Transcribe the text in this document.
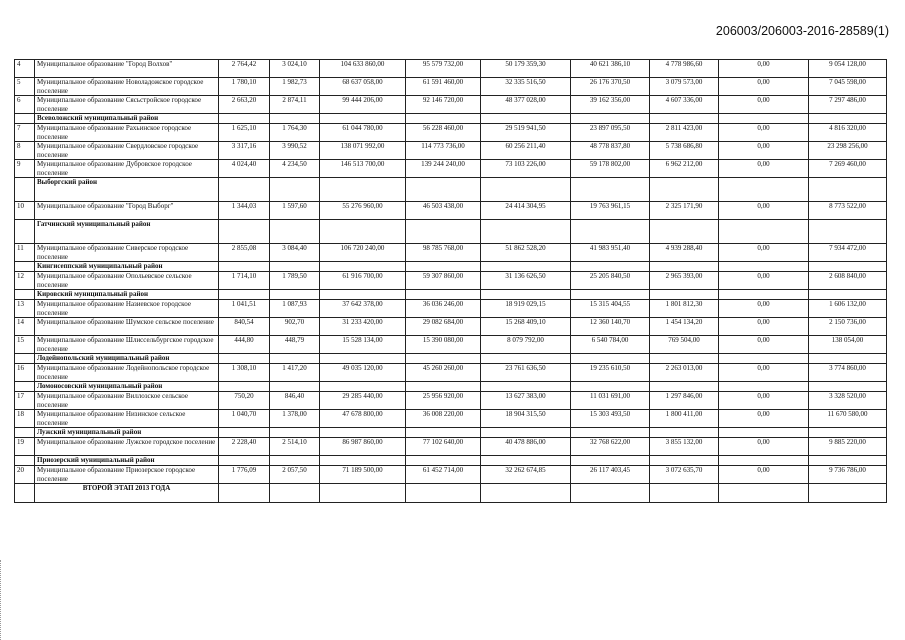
206003/206003-2016-28589(1)
4	Муниципальное образование "Город Волхов"	2 764,42	3 024,10	104 633 860,00	95 579 732,00	50 179 359,30	40 621 386,10	4 778 986,60	0,00	9 054 128,00
5	Муниципальное образование Новоладожское городское поселение	1 780,10	1 982,73	68 637 058,00	61 591 460,00	32 335 516,50	26 176 370,50	3 079 573,00	0,00	7 045 598,00
6	Муниципальное образование Сясьстройское городское поселение	2 663,20	2 874,11	99 444 206,00	92 146 720,00	48 377 028,00	39 162 356,00	4 607 336,00	0,00	7 297 486,00
	Всеволожский муниципальный район									
7	Муниципальное образование Рахьинское городское поселение	1 625,10	1 764,30	61 044 780,00	56 228 460,00	29 519 941,50	23 897 095,50	2 811 423,00	0,00	4 816 320,00
8	Муниципальное образование Свердловское городское поселение	3 317,16	3 990,52	138 071 992,00	114 773 736,00	60 256 211,40	48 778 837,80	5 738 686,80	0,00	23 298 256,00
9	Муниципальное образование Дубровское городское поселение	4 024,40	4 234,50	146 513 700,00	139 244 240,00	73 103 226,00	59 178 802,00	6 962 212,00	0,00	7 269 460,00
	Выборгский район									
10	Муниципальное образование "Город Выборг"	1 344,03	1 597,60	55 276 960,00	46 503 438,00	24 414 304,95	19 763 961,15	2 325 171,90	0,00	8 773 522,00
	Гатчинский муниципальный район									
11	Муниципальное образование Сиверское городское поселение	2 855,08	3 084,40	106 720 240,00	98 785 768,00	51 862 528,20	41 983 951,40	4 939 288,40	0,00	7 934 472,00
	Кингисеппский муниципальный район									
12	Муниципальное образование Опольевское сельское поселение	1 714,10	1 789,50	61 916 700,00	59 307 860,00	31 136 626,50	25 205 840,50	2 965 393,00	0,00	2 608 840,00
	Кировский муниципальный район									
13	Муниципальное образование Назиевское городское поселение	1 041,51	1 087,93	37 642 378,00	36 036 246,00	18 919 029,15	15 315 404,55	1 801 812,30	0,00	1 606 132,00
14	Муниципальное образование Шумское сельское поселение	840,54	902,70	31 233 420,00	29 082 684,00	15 268 409,10	12 360 140,70	1 454 134,20	0,00	2 150 736,00
15	Муниципальное образование Шлиссельбургское городское поселение	444,80	448,79	15 528 134,00	15 390 080,00	8 079 792,00	6 540 784,00	769 504,00	0,00	138 054,00
	Лодейнопольский муниципальный район									
16	Муниципальное образование Лодейнопольское городское поселение	1 308,10	1 417,20	49 035 120,00	45 260 260,00	23 761 636,50	19 235 610,50	2 263 013,00	0,00	3 774 860,00
	Ломоносовский муниципальный район									
17	Муниципальное образование Виллозское сельское поселение	750,20	846,40	29 285 440,00	25 956 920,00	13 627 383,00	11 031 691,00	1 297 846,00	0,00	3 328 520,00
18	Муниципальное образование Низинское сельское поселение	1 040,70	1 378,00	47 678 800,00	36 008 220,00	18 904 315,50	15 303 493,50	1 800 411,00	0,00	11 670 580,00
	Лужский муниципальный район									
19	Муниципальное образование Лужское городское поселение	2 228,40	2 514,10	86 987 860,00	77 102 640,00	40 478 886,00	32 768 622,00	3 855 132,00	0,00	9 885 220,00
	Приозерский муниципальный район									
20	Муниципальное образование Приозерское городское поселение	1 776,09	2 057,50	71 189 500,00	61 452 714,00	32 262 674,85	26 117 403,45	3 072 635,70	0,00	9 736 786,00
	ВТОРОЙ ЭТАП 2013 ГОДА									
